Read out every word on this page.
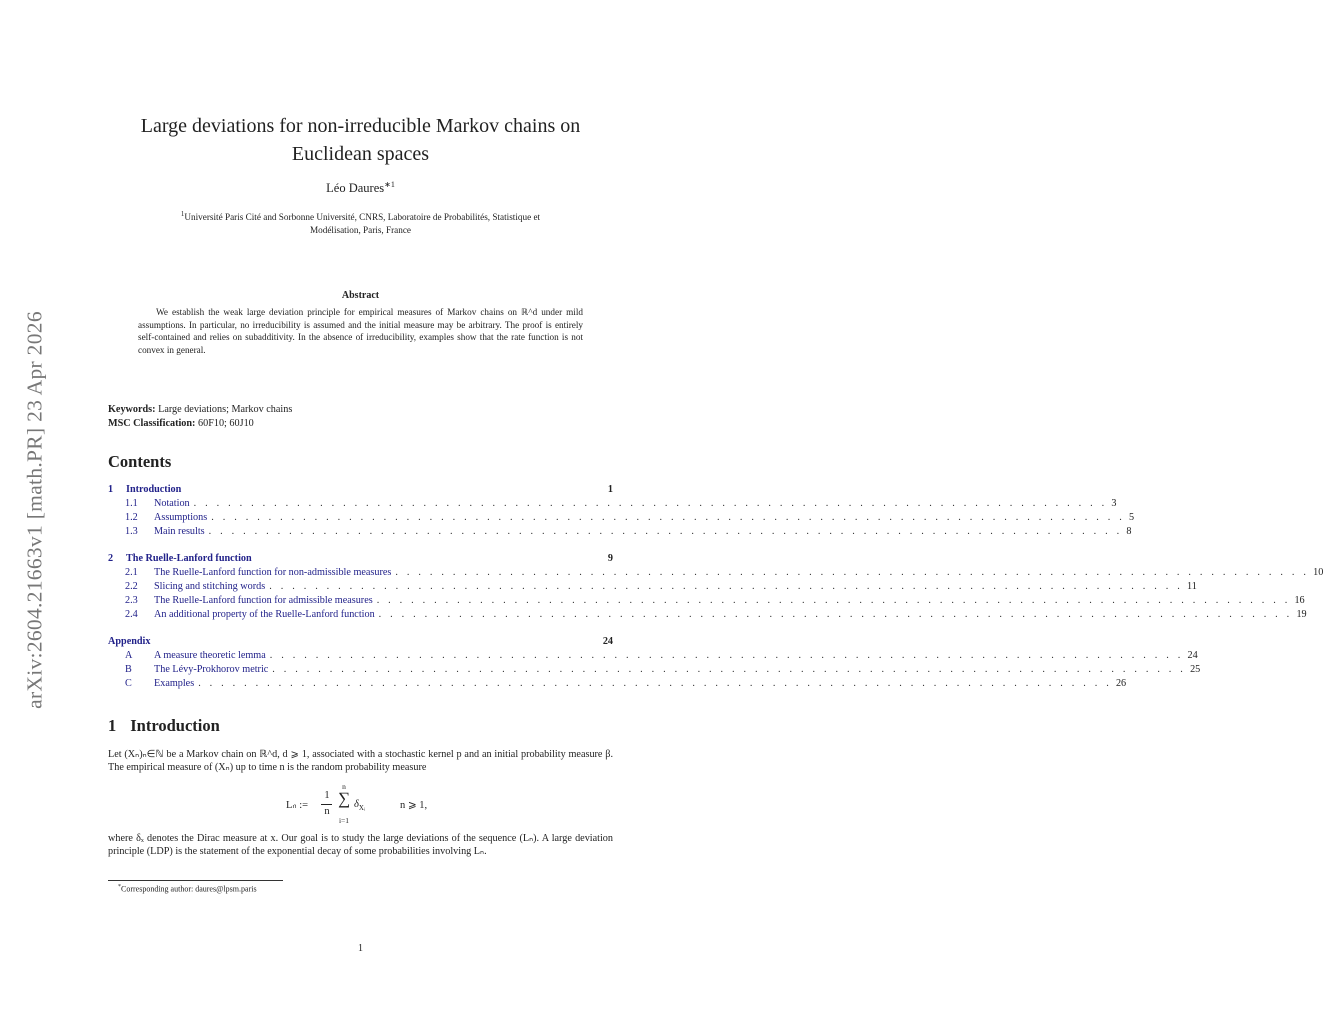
arXiv:2604.21663v1 [math.PR] 23 Apr 2026
Large deviations for non-irreducible Markov chains on
Euclidean spaces
Léo Daures$^{∗1}$
$^1$Université Paris Cité and Sorbonne Université, CNRS, Laboratoire de Probabilités, Statistique et
Modélisation, Paris, France
Abstract
We establish the weak large deviation principle for empirical measures of Markov chains on ℝ^d under mild assumptions. In particular, no irreducibility is assumed and the initial measure may be arbitrary. The proof is entirely self-contained and relies on subadditivity. In the absence of irreducibility, examples show that the rate function is not convex in general.
Keywords: Large deviations; Markov chains
MSC Classification: 60F10; 60J10
Contents
1	Introduction	1
1.1	Notation . . . . . . . . . . . . . . . . . . . . . . . . . . . . . . . . . . . . . . . . . . . . . . . . . . . . . . . . . . . . . . . . . . . . . . . . . . . . . . . . 3
1.2	Assumptions . . . . . . . . . . . . . . . . . . . . . . . . . . . . . . . . . . . . . . . . . . . . . . . . . . . . . . . . . . . . . . . . . . . . . . . . . . . . . . . . 5
1.3	Main results . . . . . . . . . . . . . . . . . . . . . . . . . . . . . . . . . . . . . . . . . . . . . . . . . . . . . . . . . . . . . . . . . . . . . . . . . . . . . . . . 8
2	The Ruelle-Lanford function	9
2.1	The Ruelle-Lanford function for non-admissible measures . . . . . . . . . . . . . . . . . . . . . . . . . . . . . . . . . . . . . . . . . . . . . . . . . . . . . . . . . . . . . . . . . . . . . . . . . . . . . . . . 10
2.2	Slicing and stitching words . . . . . . . . . . . . . . . . . . . . . . . . . . . . . . . . . . . . . . . . . . . . . . . . . . . . . . . . . . . . . . . . . . . . . . . . . . . . . . . . 11
2.3	The Ruelle-Lanford function for admissible measures . . . . . . . . . . . . . . . . . . . . . . . . . . . . . . . . . . . . . . . . . . . . . . . . . . . . . . . . . . . . . . . . . . . . . . . . . . . . . . . . 16
2.4	An additional property of the Ruelle-Lanford function . . . . . . . . . . . . . . . . . . . . . . . . . . . . . . . . . . . . . . . . . . . . . . . . . . . . . . . . . . . . . . . . . . . . . . . . . . . . . . . . 19
Appendix	24
A	A measure theoretic lemma . . . . . . . . . . . . . . . . . . . . . . . . . . . . . . . . . . . . . . . . . . . . . . . . . . . . . . . . . . . . . . . . . . . . . . . . . . . . . . . . 24
B	The Lévy-Prokhorov metric . . . . . . . . . . . . . . . . . . . . . . . . . . . . . . . . . . . . . . . . . . . . . . . . . . . . . . . . . . . . . . . . . . . . . . . . . . . . . . . . 25
C	Examples . . . . . . . . . . . . . . . . . . . . . . . . . . . . . . . . . . . . . . . . . . . . . . . . . . . . . . . . . . . . . . . . . . . . . . . . . . . . . . . . 26
1 Introduction
Let (Xₙ)ₙ∈ℕ be a Markov chain on ℝ^d, d ⩾ 1, associated with a stochastic kernel p and an initial probability measure β. The empirical measure of (Xₙ) up to time n is the random probability measure
Lₙ :=
1
n
n
∑
i=1
$\delta_{Xᵢ}$	n ⩾ 1,
where δₓ denotes the Dirac measure at x. Our goal is to study the large deviations of the sequence (Lₙ). A large deviation principle (LDP) is the statement of the exponential decay of some probabilities involving Lₙ.
*Corresponding author: daures@lpsm.paris
1
